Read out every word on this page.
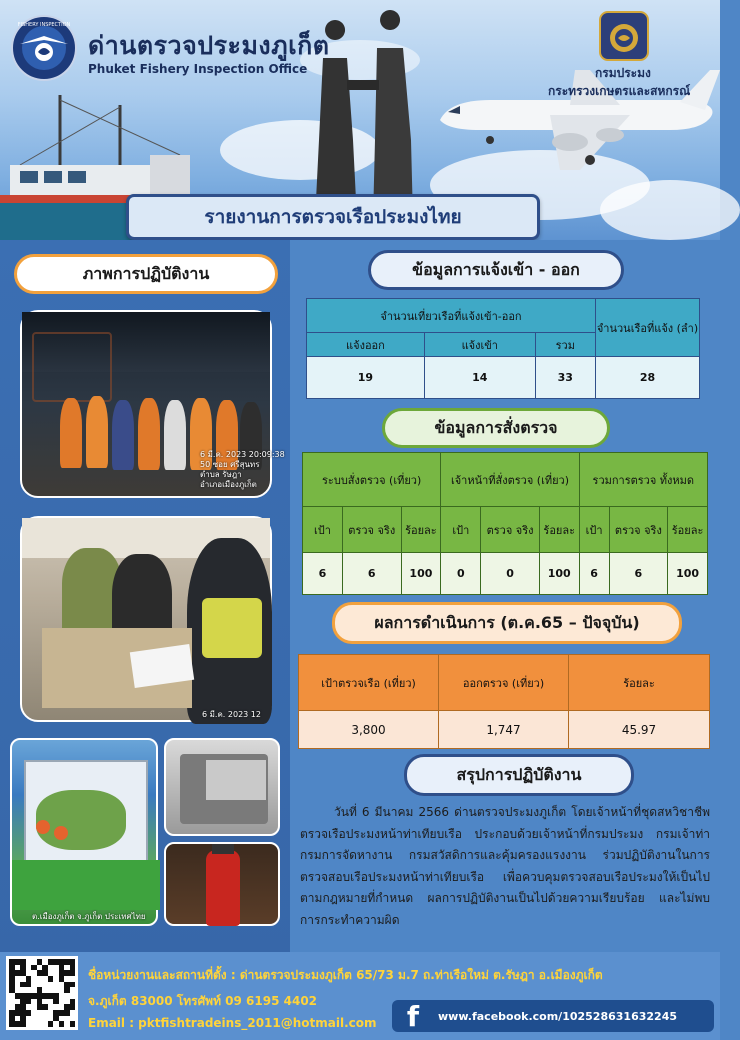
FISHERY INSPECTION
ด่านตรวจประมงภูเก็ต
Phuket Fishery Inspection Office	กรมประมง
กระทรวงเกษตรและสหกรณ์
รายงานการตรวจเรือประมงไทย
ภาพการปฏิบัติงาน
6 มี.ค. 2023 20:09:38
50 ซอย ศรีสุนทร
ตำบล รัษฎา
อำเภอเมืองภูเก็ต
6 มี.ค. 2023 12
ต.เมืองภูเก็ต จ.ภูเก็ต ประเทศไทย
ข้อมูลการแจ้งเข้า - ออก
จำนวนเที่ยวเรือที่แจ้งเข้า-ออก			จำนวนเรือที่แจ้ง (ลำ)
แจ้งออก	แจ้งเข้า	รวม	
19	14	33	28
ข้อมูลการสั่งตรวจ
ระบบสั่งตรวจ (เที่ยว)			เจ้าหน้าที่สั่งตรวจ (เที่ยว)			รวมการตรวจ ทั้งหมด		
เป้า	ตรวจ จริง	ร้อยละ	เป้า	ตรวจ จริง	ร้อยละ	เป้า	ตรวจ จริง	ร้อยละ
6	6	100	0	0	100	6	6	100
ผลการดำเนินการ (ต.ค.65 – ปัจจุบัน)
เป้าตรวจเรือ (เที่ยว)	ออกตรวจ (เที่ยว)	ร้อยละ
3,800	1,747	45.97
สรุปการปฏิบัติงาน
วันที่ 6 มีนาคม 2566 ด่านตรวจประมงภูเก็ต โดยเจ้าหน้าที่ชุดสหวิชาชีพตรวจเรือประมงหน้าท่าเทียบเรือ ประกอบด้วยเจ้าหน้าที่กรมประมง กรมเจ้าท่า กรมการจัดหางาน กรมสวัสดิการและคุ้มครองแรงงาน ร่วมปฏิบัติงานในการตรวจสอบเรือประมงหน้าท่าเทียบเรือ เพื่อควบคุมตรวจสอบเรือประมงให้เป็นไปตามกฎหมายที่กำหนด ผลการปฏิบัติงานเป็นไปด้วยความเรียบร้อย และไม่พบการกระทำความผิด
ชื่อหน่วยงานและสถานที่ตั้ง : ด่านตรวจประมงภูเก็ต 65/73 ม.7 ถ.ท่าเรือใหม่ ต.รัษฎา อ.เมืองภูเก็ต
จ.ภูเก็ต 83000 โทรศัพท์ 09 6195 4402
Email : pktfishtradeins_2011@hotmail.com	f	www.facebook.com/102528631632245
